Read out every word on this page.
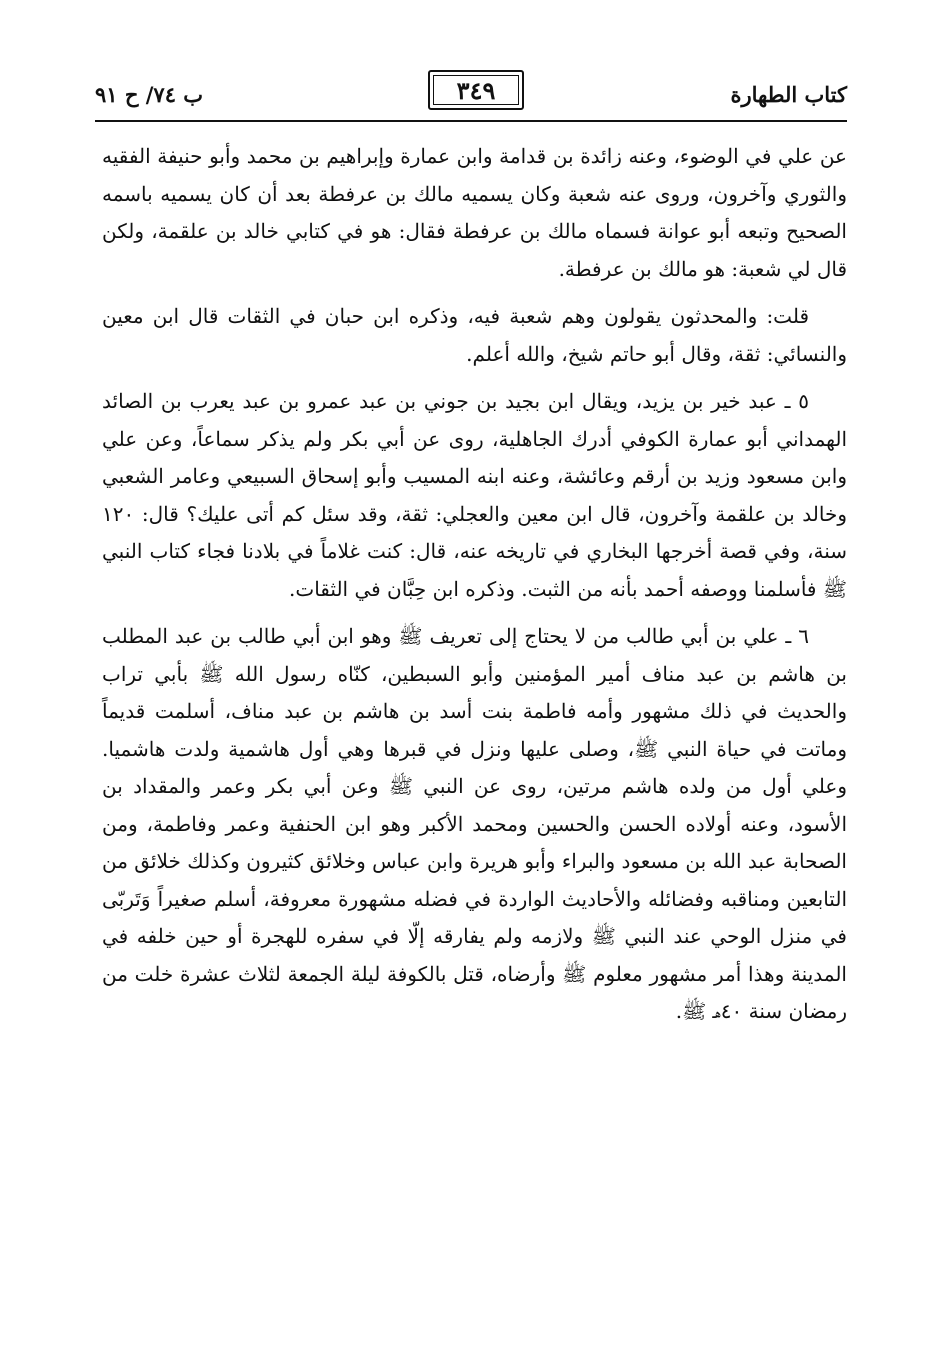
كتاب الطهارة
٣٤٩
ب ٧٤/ ح ٩١

عن علي في الوضوء، وعنه زائدة بن قدامة وابن عمارة وإبراهيم بن محمد وأبو حنيفة الفقيه والثوري وآخرون، وروى عنه شعبة وكان يسميه مالك بن عرفطة بعد أن كان يسميه باسمه الصحيح وتبعه أبو عوانة فسماه مالك بن عرفطة فقال: هو في كتابي خالد بن علقمة، ولكن قال لي شعبة: هو مالك بن عرفطة.

قلت: والمحدثون يقولون وهم شعبة فيه، وذكره ابن حبان في الثقات قال ابن معين والنسائي: ثقة، وقال أبو حاتم شيخ، والله أعلم.

٥ ـ عبد خير بن يزيد، ويقال ابن بجيد بن جوني بن عبد عمرو بن عبد يعرب بن الصائد الهمداني أبو عمارة الكوفي أدرك الجاهلية، روى عن أبي بكر ولم يذكر سماعاً، وعن علي وابن مسعود وزيد بن أرقم وعائشة، وعنه ابنه المسيب وأبو إسحاق السبيعي وعامر الشعبي وخالد بن علقمة وآخرون، قال ابن معين والعجلي: ثقة، وقد سئل كم أتى عليك؟ قال: ١٢٠ سنة، وفي قصة أخرجها البخاري في تاريخه عنه، قال: كنت غلاماً في بلادنا فجاء كتاب النبي ﷺ فأسلمنا ووصفه أحمد بأنه من الثبت. وذكره ابن حِبَّان في الثقات.

٦ ـ علي بن أبي طالب من لا يحتاج إلى تعريف ﷺ وهو ابن أبي طالب بن عبد المطلب بن هاشم بن عبد مناف أمير المؤمنين وأبو السبطين، كنّاه رسول الله ﷺ بأبي تراب والحديث في ذلك مشهور وأمه فاطمة بنت أسد بن هاشم بن عبد مناف، أسلمت قديماً وماتت في حياة النبي ﷺ، وصلى عليها ونزل في قبرها وهي أول هاشمية ولدت هاشميا. وعلي أول من ولده هاشم مرتين، روى عن النبي ﷺ وعن أبي بكر وعمر والمقداد بن الأسود، وعنه أولاده الحسن والحسين ومحمد الأكبر وهو ابن الحنفية وعمر وفاطمة، ومن الصحابة عبد الله بن مسعود والبراء وأبو هريرة وابن عباس وخلائق كثيرون وكذلك خلائق من التابعين ومناقبه وفضائله والأحاديث الواردة في فضله مشهورة معروفة، أسلم صغيراً وَتَربّى في منزل الوحي عند النبي ﷺ ولازمه ولم يفارقه إلّا في سفره للهجرة أو حين خلفه في المدينة وهذا أمر مشهور معلوم ﷺ وأرضاه، قتل بالكوفة ليلة الجمعة لثلاث عشرة خلت من رمضان سنة ٤٠هـ ﷺ.
